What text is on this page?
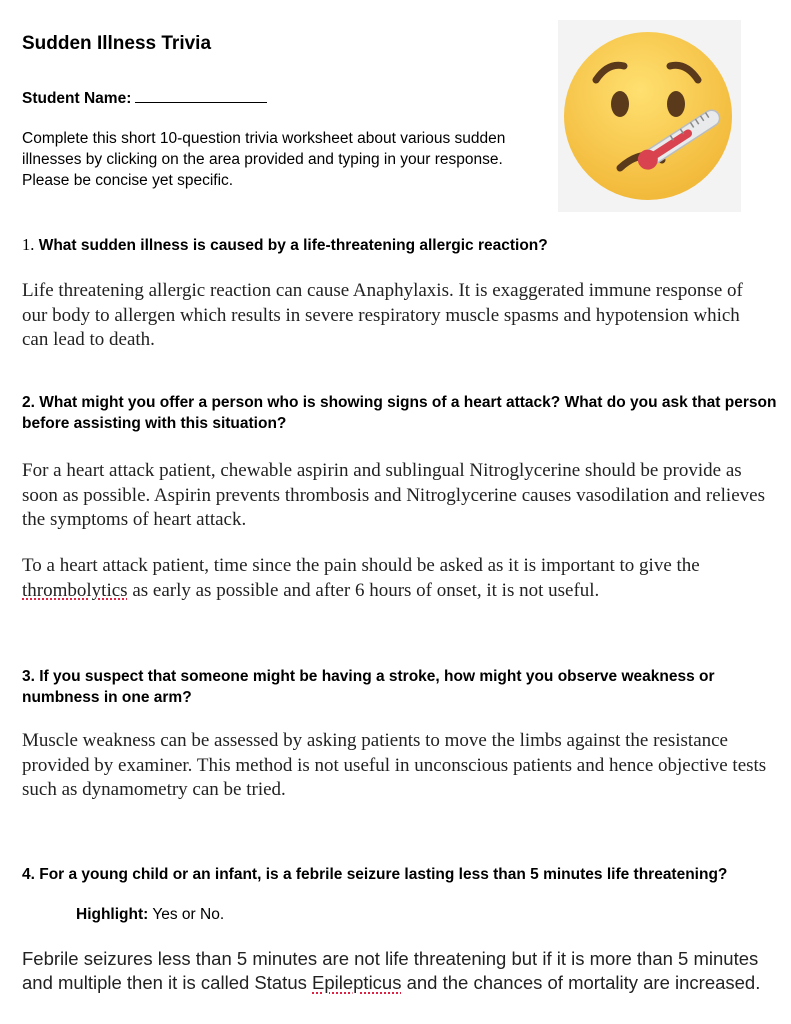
Sudden Illness Trivia
Student Name:
Complete this short 10-question trivia worksheet about various sudden illnesses by clicking on the area provided and typing in your response. Please be concise yet specific.
1. What sudden illness is caused by a life-threatening allergic reaction?
Life threatening allergic reaction can cause Anaphylaxis. It is exaggerated immune response of our body to allergen which results in severe respiratory muscle spasms and hypotension which can lead to death.
2. What might you offer a person who is showing signs of a heart attack? What do you ask that person before assisting with this situation?
For a heart attack patient, chewable aspirin and sublingual Nitroglycerine should be provide as soon as possible. Aspirin prevents thrombosis and Nitroglycerine causes vasodilation and relieves the symptoms of heart attack.
To a heart attack patient, time since the pain should be asked as it is important to give the thrombolytics as early as possible and after 6 hours of onset, it is not useful.
3. If you suspect that someone might be having a stroke, how might you observe weakness or numbness in one arm?
Muscle weakness can be assessed by asking patients to move the limbs against the resistance provided by examiner. This method is not useful in unconscious patients and hence objective tests such as dynamometry can be tried.
4. For a young child or an infant, is a febrile seizure lasting less than 5 minutes life threatening?
Highlight: Yes or No.
Febrile seizures less than 5 minutes are not life threatening but if it is more than 5 minutes and multiple then it is called Status Epilepticus and the chances of mortality are increased.
